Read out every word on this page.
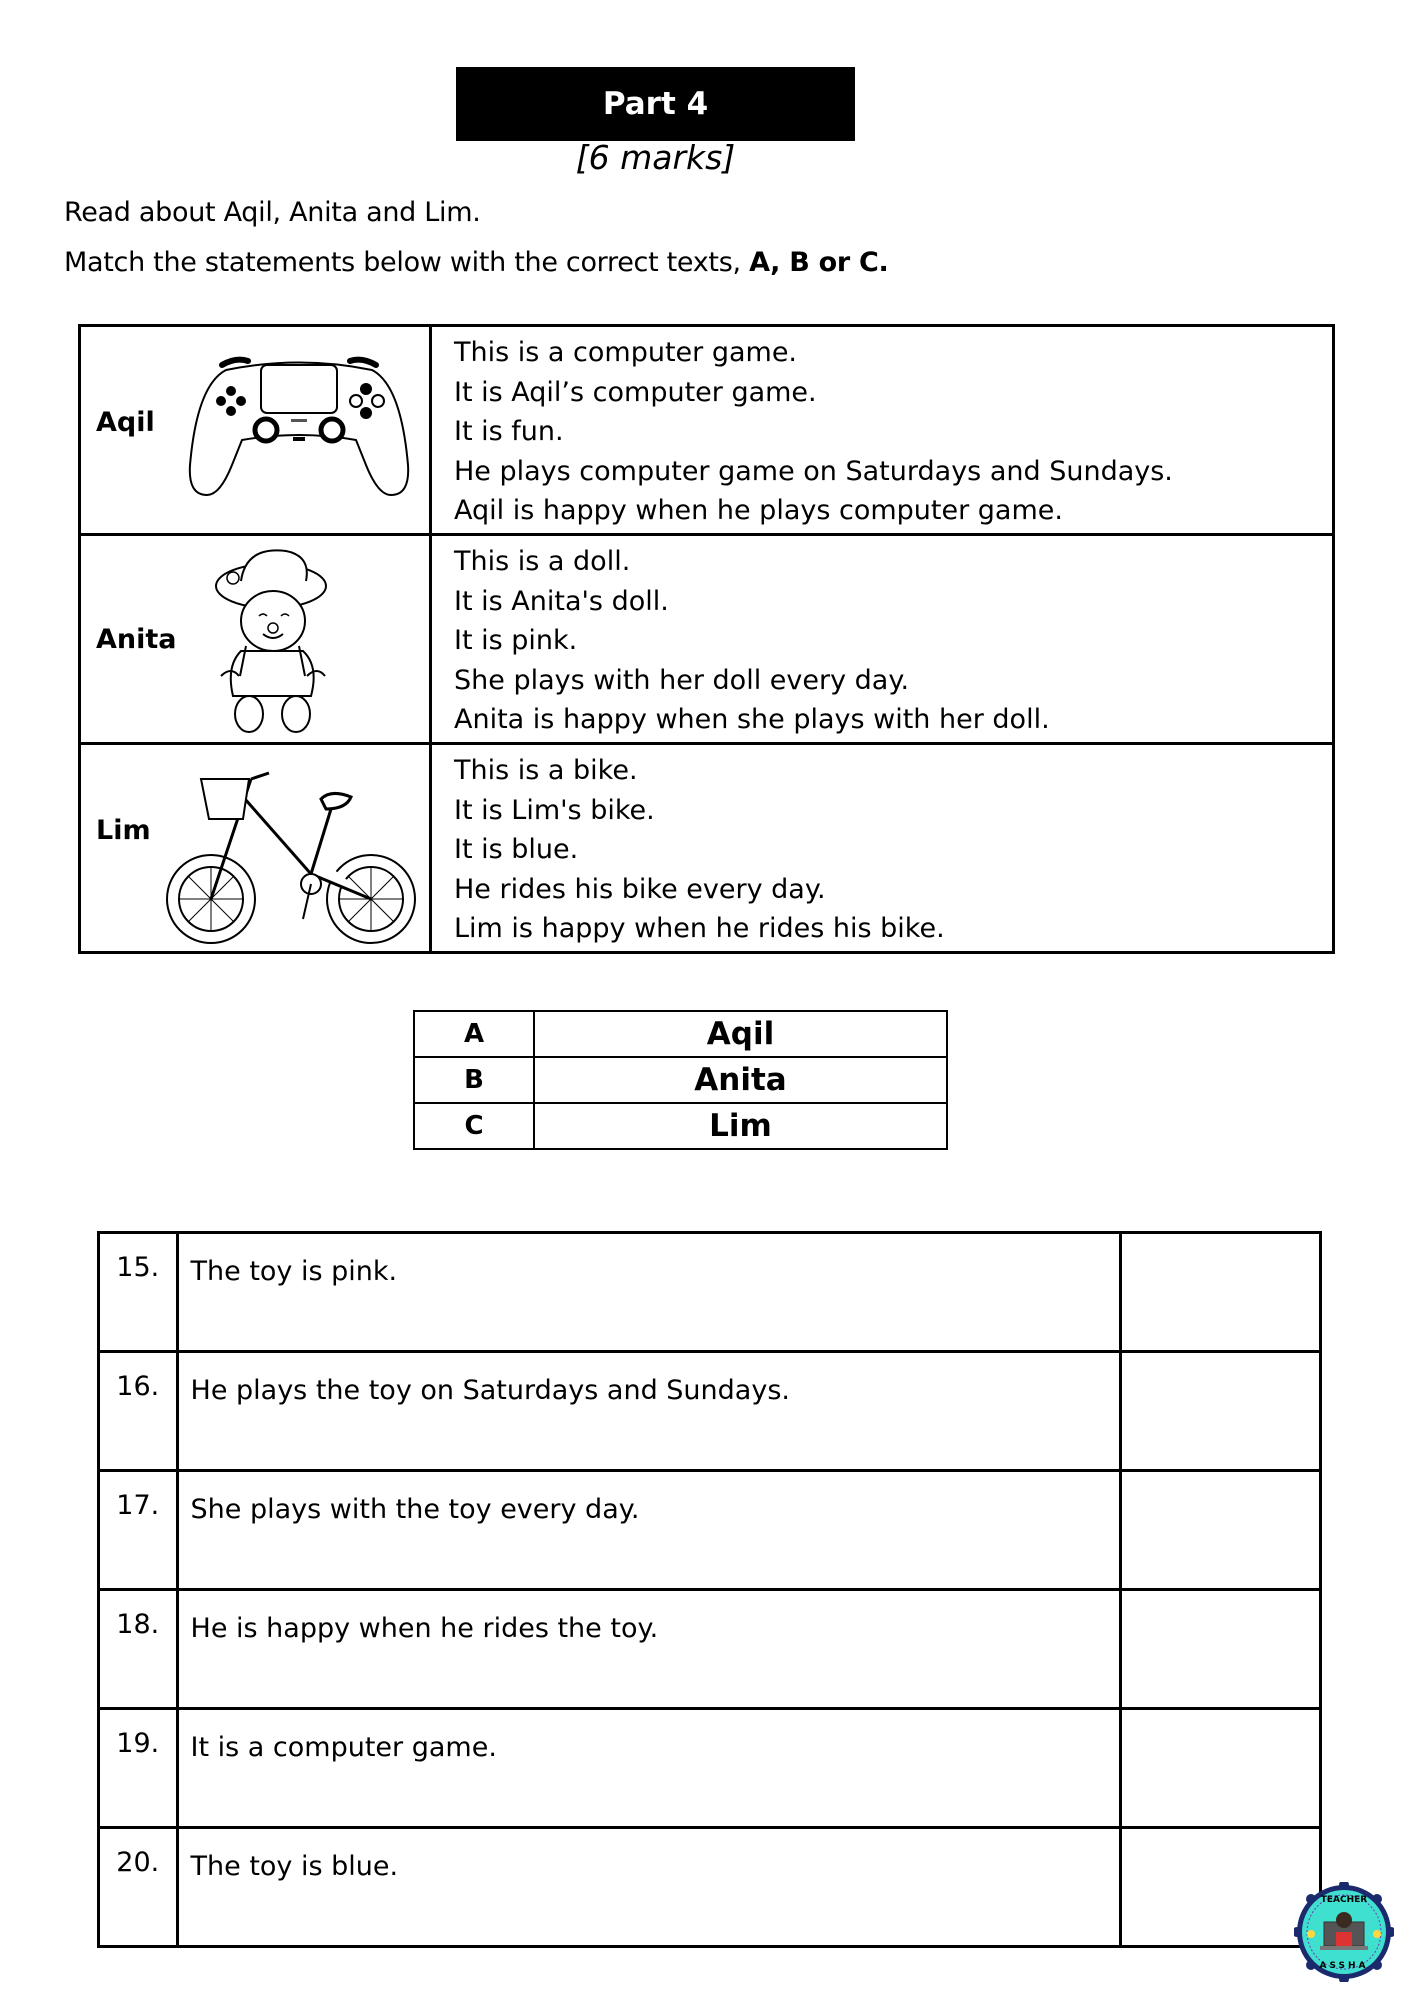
Part 4
[6 marks]
Read about Aqil, Anita and Lim.
Match the statements below with the correct texts, A, B or C.
Aqil	This is a computer game.
It is Aqil’s computer game.
It is fun.
He plays computer game on Saturdays and Sundays.
Aqil is happy when he plays computer game.

Anita	This is a doll.
It is Anita's doll.
It is pink.
She plays with her doll every day.
Anita is happy when she plays with her doll.

Lim	This is a bike.
It is Lim's bike.
It is blue.
He rides his bike every day.
Lim is happy when he rides his bike.
A	Aqil
B	Anita
C	Lim
15.	The toy is pink.	
16.	He plays the toy on Saturdays and Sundays.	
17.	She plays with the toy every day.	
18.	He is happy when he rides the toy.	
19.	It is a computer game.	
20.	The toy is blue.	
TEACHER
ASSHA
